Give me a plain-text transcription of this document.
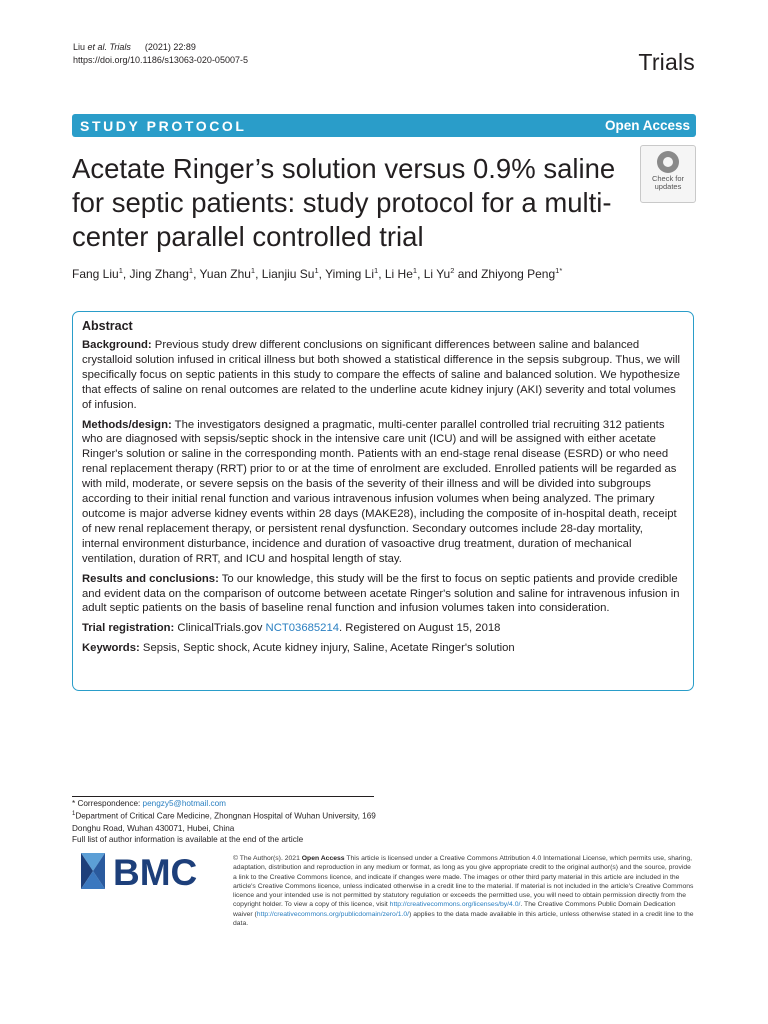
Liu et al. Trials (2021) 22:89
https://doi.org/10.1186/s13063-020-05007-5	Trials
STUDY PROTOCOL	Open Access
Acetate Ringer’s solution versus 0.9% saline for septic patients: study protocol for a multi-center parallel controlled trial
Check for
updates
Fang Liu$^1$, Jing Zhang$^1$, Yuan Zhu$^1$, Lianjiu Su$^1$, Yiming Li$^1$, Li He$^1$, Li Yu$^2$ and Zhiyong Peng$^{1*}$
Abstract

Background: Previous study drew different conclusions on significant differences between saline and balanced crystalloid solution infused in critical illness but both showed a statistical difference in the sepsis subgroup. Thus, we will specifically focus on septic patients in this study to compare the effects of saline and balanced solution. We hypothesize that effects of saline on renal outcomes are related to the underline acute kidney injury (AKI) severity and total volumes of infusion.

Methods/design: The investigators designed a pragmatic, multi-center parallel controlled trial recruiting 312 patients who are diagnosed with sepsis/septic shock in the intensive care unit (ICU) and will be assigned with either acetate Ringer's solution or saline in the corresponding month. Patients with an end-stage renal disease (ESRD) or who need renal replacement therapy (RRT) prior to or at the time of enrolment are excluded. Enrolled patients will be regarded as with mild, moderate, or severe sepsis on the basis of the severity of their illness and will be divided into subgroups according to their initial renal function and various intravenous infusion volumes when being analyzed. The primary outcome is major adverse kidney events within 28 days (MAKE28), including the composite of in-hospital death, receipt of new renal replacement therapy, or persistent renal dysfunction. Secondary outcomes include 28-day mortality, internal environment disturbance, incidence and duration of vasoactive drug treatment, duration of mechanical ventilation, duration of RRT, and ICU and hospital length of stay.

Results and conclusions: To our knowledge, this study will be the first to focus on septic patients and provide credible and evident data on the comparison of outcome between acetate Ringer's solution and saline for intravenous infusion in adult septic patients on the basis of baseline renal function and infusion volumes taken into consideration.

Trial registration: ClinicalTrials.gov NCT03685214. Registered on August 15, 2018

Keywords: Sepsis, Septic shock, Acute kidney injury, Saline, Acetate Ringer's solution

* Correspondence: pengzy5@hotmail.com
$^1$Department of Critical Care Medicine, Zhongnan Hospital of Wuhan University, 169 Donghu Road, Wuhan 430071, Hubei, China
Full list of author information is available at the end of the article
BMC	© The Author(s). 2021 Open Access This article is licensed under a Creative Commons Attribution 4.0 International License, which permits use, sharing, adaptation, distribution and reproduction in any medium or format, as long as you give appropriate credit to the original author(s) and the source, provide a link to the Creative Commons licence, and indicate if changes were made. The images or other third party material in this article are included in the article's Creative Commons licence, unless indicated otherwise in a credit line to the material. If material is not included in the article's Creative Commons licence and your intended use is not permitted by statutory regulation or exceeds the permitted use, you will need to obtain permission directly from the copyright holder. To view a copy of this licence, visit http://creativecommons.org/licenses/by/4.0/. The Creative Commons Public Domain Dedication waiver (http://creativecommons.org/publicdomain/zero/1.0/) applies to the data made available in this article, unless otherwise stated in a credit line to the data.
